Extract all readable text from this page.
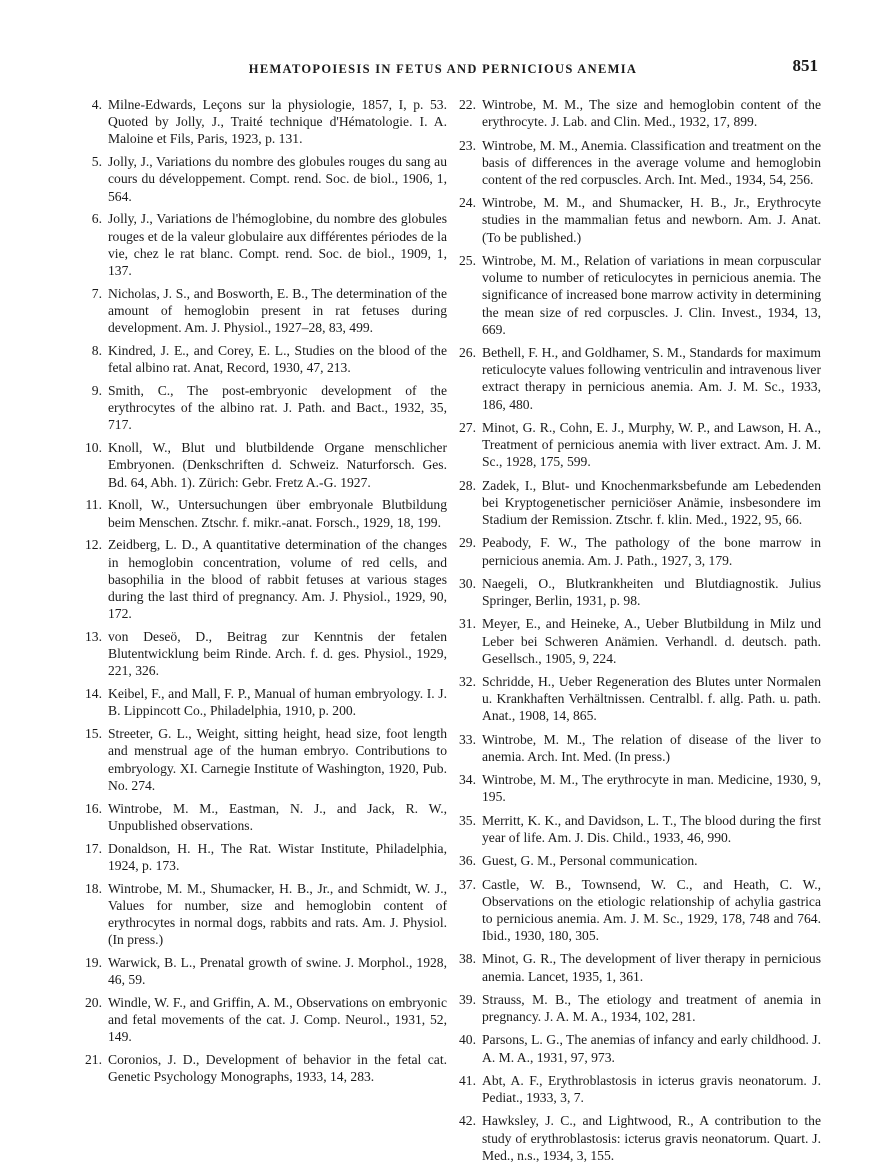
HEMATOPOIESIS IN FETUS AND PERNICIOUS ANEMIA	851
4. Milne-Edwards, Leçons sur la physiologie, 1857, I, p. 53. Quoted by Jolly, J., Traité technique d'Hématologie. I. A. Maloine et Fils, Paris, 1923, p. 131.
5. Jolly, J., Variations du nombre des globules rouges du sang au cours du développement. Compt. rend. Soc. de biol., 1906, 1, 564.
6. Jolly, J., Variations de l'hémoglobine, du nombre des globules rouges et de la valeur globulaire aux différentes périodes de la vie, chez le rat blanc. Compt. rend. Soc. de biol., 1909, 1, 137.
7. Nicholas, J. S., and Bosworth, E. B., The determination of the amount of hemoglobin present in rat fetuses during development. Am. J. Physiol., 1927–28, 83, 499.
8. Kindred, J. E., and Corey, E. L., Studies on the blood of the fetal albino rat. Anat, Record, 1930, 47, 213.
9. Smith, C., The post-embryonic development of the erythrocytes of the albino rat. J. Path. and Bact., 1932, 35, 717.
10. Knoll, W., Blut und blutbildende Organe menschlicher Embryonen. (Denkschriften d. Schweiz. Naturforsch. Ges. Bd. 64, Abh. 1). Zürich: Gebr. Fretz A.-G. 1927.
11. Knoll, W., Untersuchungen über embryonale Blutbildung beim Menschen. Ztschr. f. mikr.-anat. Forsch., 1929, 18, 199.
12. Zeidberg, L. D., A quantitative determination of the changes in hemoglobin concentration, volume of red cells, and basophilia in the blood of rabbit fetuses at various stages during the last third of pregnancy. Am. J. Physiol., 1929, 90, 172.
13. von Deseö, D., Beitrag zur Kenntnis der fetalen Blutentwicklung beim Rinde. Arch. f. d. ges. Physiol., 1929, 221, 326.
14. Keibel, F., and Mall, F. P., Manual of human embryology. I. J. B. Lippincott Co., Philadelphia, 1910, p. 200.
15. Streeter, G. L., Weight, sitting height, head size, foot length and menstrual age of the human embryo. Contributions to embryology. XI. Carnegie Institute of Washington, 1920, Pub. No. 274.
16. Wintrobe, M. M., Eastman, N. J., and Jack, R. W., Unpublished observations.
17. Donaldson, H. H., The Rat. Wistar Institute, Philadelphia, 1924, p. 173.
18. Wintrobe, M. M., Shumacker, H. B., Jr., and Schmidt, W. J., Values for number, size and hemoglobin content of erythrocytes in normal dogs, rabbits and rats. Am. J. Physiol. (In press.)
19. Warwick, B. L., Prenatal growth of swine. J. Morphol., 1928, 46, 59.
20. Windle, W. F., and Griffin, A. M., Observations on embryonic and fetal movements of the cat. J. Comp. Neurol., 1931, 52, 149.
21. Coronios, J. D., Development of behavior in the fetal cat. Genetic Psychology Monographs, 1933, 14, 283.
22. Wintrobe, M. M., The size and hemoglobin content of the erythrocyte. J. Lab. and Clin. Med., 1932, 17, 899.
23. Wintrobe, M. M., Anemia. Classification and treatment on the basis of differences in the average volume and hemoglobin content of the red corpuscles. Arch. Int. Med., 1934, 54, 256.
24. Wintrobe, M. M., and Shumacker, H. B., Jr., Erythrocyte studies in the mammalian fetus and newborn. Am. J. Anat. (To be published.)
25. Wintrobe, M. M., Relation of variations in mean corpuscular volume to number of reticulocytes in pernicious anemia. The significance of increased bone marrow activity in determining the mean size of red corpuscles. J. Clin. Invest., 1934, 13, 669.
26. Bethell, F. H., and Goldhamer, S. M., Standards for maximum reticulocyte values following ventriculin and intravenous liver extract therapy in pernicious anemia. Am. J. M. Sc., 1933, 186, 480.
27. Minot, G. R., Cohn, E. J., Murphy, W. P., and Lawson, H. A., Treatment of pernicious anemia with liver extract. Am. J. M. Sc., 1928, 175, 599.
28. Zadek, I., Blut- und Knochenmarksbefunde am Lebedenden bei Kryptogenetischer perniciöser Anämie, insbesondere im Stadium der Remission. Ztschr. f. klin. Med., 1922, 95, 66.
29. Peabody, F. W., The pathology of the bone marrow in pernicious anemia. Am. J. Path., 1927, 3, 179.
30. Naegeli, O., Blutkrankheiten und Blutdiagnostik. Julius Springer, Berlin, 1931, p. 98.
31. Meyer, E., and Heineke, A., Ueber Blutbildung in Milz und Leber bei Schweren Anämien. Verhandl. d. deutsch. path. Gesellsch., 1905, 9, 224.
32. Schridde, H., Ueber Regeneration des Blutes unter Normalen u. Krankhaften Verhältnissen. Centralbl. f. allg. Path. u. path. Anat., 1908, 14, 865.
33. Wintrobe, M. M., The relation of disease of the liver to anemia. Arch. Int. Med. (In press.)
34. Wintrobe, M. M., The erythrocyte in man. Medicine, 1930, 9, 195.
35. Merritt, K. K., and Davidson, L. T., The blood during the first year of life. Am. J. Dis. Child., 1933, 46, 990.
36. Guest, G. M., Personal communication.
37. Castle, W. B., Townsend, W. C., and Heath, C. W., Observations on the etiologic relationship of achylia gastrica to pernicious anemia. Am. J. M. Sc., 1929, 178, 748 and 764. Ibid., 1930, 180, 305.
38. Minot, G. R., The development of liver therapy in pernicious anemia. Lancet, 1935, 1, 361.
39. Strauss, M. B., The etiology and treatment of anemia in pregnancy. J. A. M. A., 1934, 102, 281.
40. Parsons, L. G., The anemias of infancy and early childhood. J. A. M. A., 1931, 97, 973.
41. Abt, A. F., Erythroblastosis in icterus gravis neonatorum. J. Pediat., 1933, 3, 7.
42. Hawksley, J. C., and Lightwood, R., A contribution to the study of erythroblastosis: icterus gravis neonatorum. Quart. J. Med., n.s., 1934, 3, 155.
